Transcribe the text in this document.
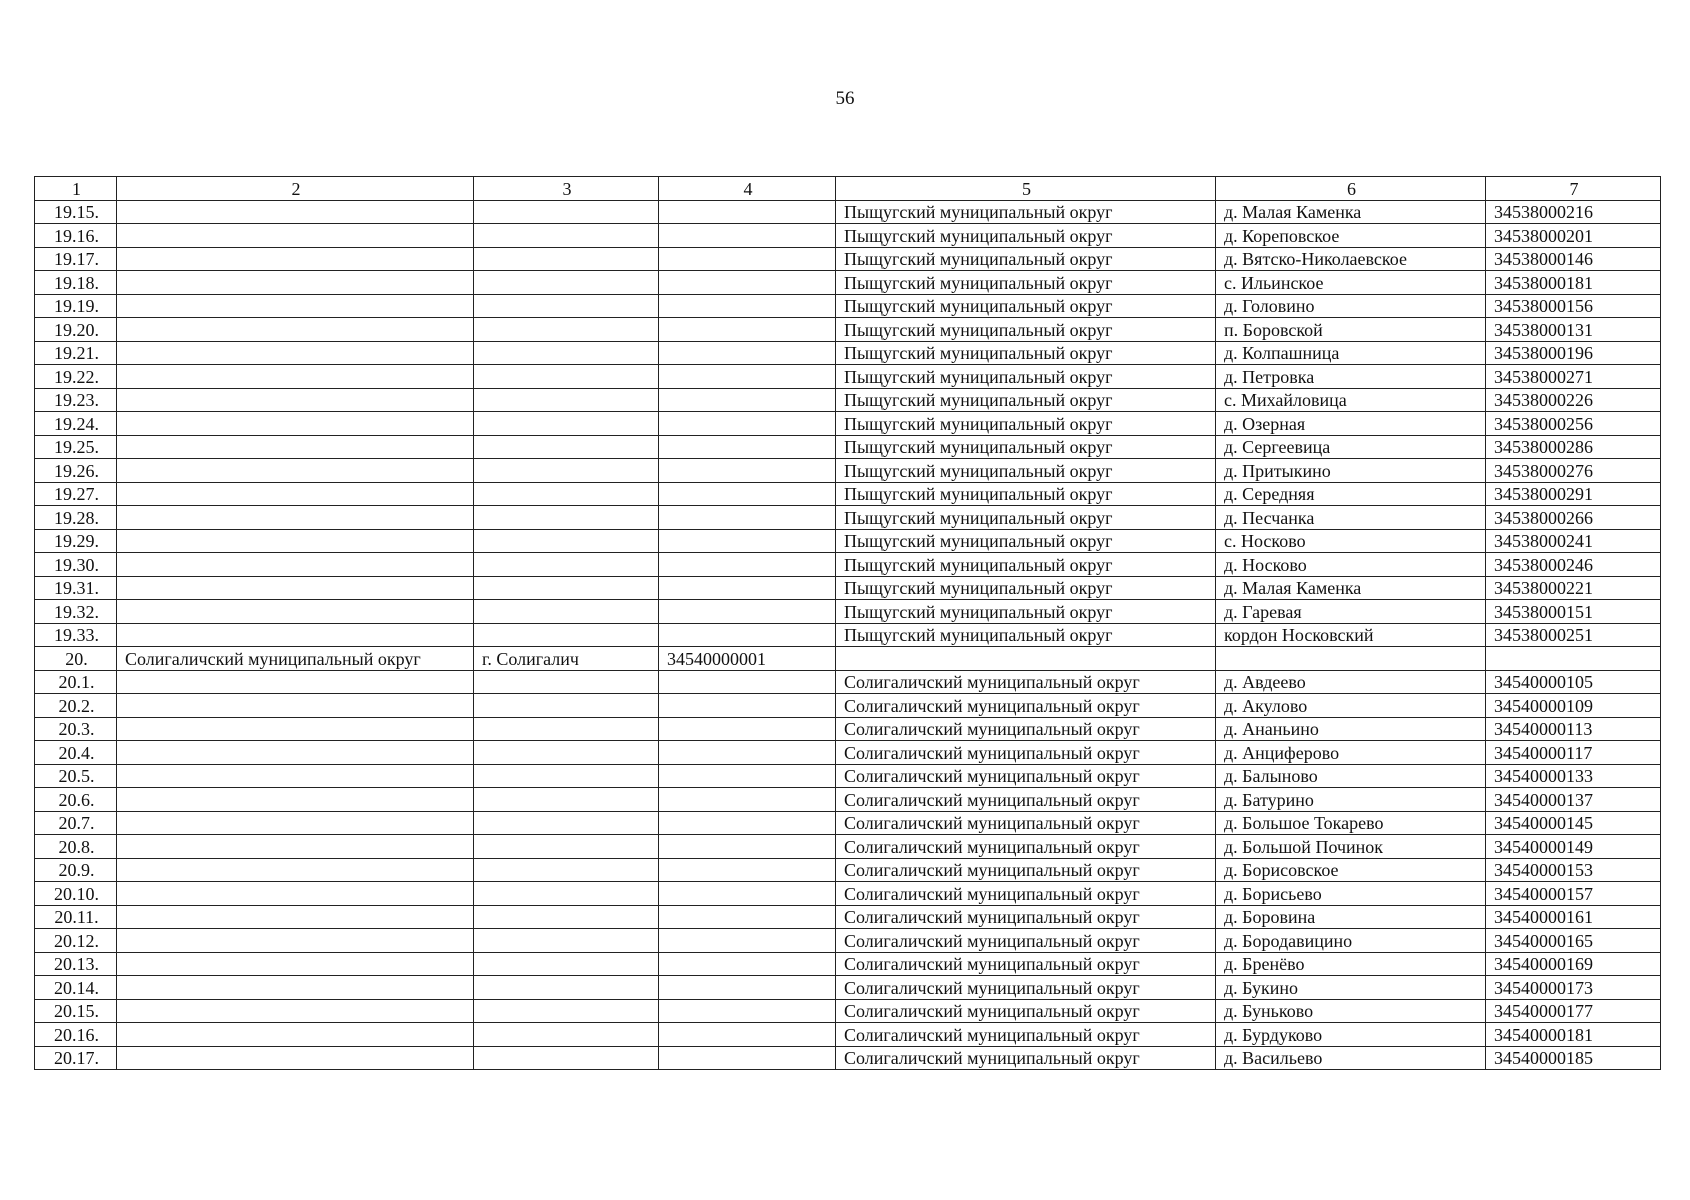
56
1	2	3	4	5	6	7
19.15.				Пыщугский муниципальный округ	д. Малая Каменка	34538000216
19.16.				Пыщугский муниципальный округ	д. Кореповское	34538000201
19.17.				Пыщугский муниципальный округ	д. Вятско-Николаевское	34538000146
19.18.				Пыщугский муниципальный округ	с. Ильинское	34538000181
19.19.				Пыщугский муниципальный округ	д. Головино	34538000156
19.20.				Пыщугский муниципальный округ	п. Боровской	34538000131
19.21.				Пыщугский муниципальный округ	д. Колпашница	34538000196
19.22.				Пыщугский муниципальный округ	д. Петровка	34538000271
19.23.				Пыщугский муниципальный округ	с. Михайловица	34538000226
19.24.				Пыщугский муниципальный округ	д. Озерная	34538000256
19.25.				Пыщугский муниципальный округ	д. Сергеевица	34538000286
19.26.				Пыщугский муниципальный округ	д. Притыкино	34538000276
19.27.				Пыщугский муниципальный округ	д. Середняя	34538000291
19.28.				Пыщугский муниципальный округ	д. Песчанка	34538000266
19.29.				Пыщугский муниципальный округ	с. Носково	34538000241
19.30.				Пыщугский муниципальный округ	д. Носково	34538000246
19.31.				Пыщугский муниципальный округ	д. Малая Каменка	34538000221
19.32.				Пыщугский муниципальный округ	д. Гаревая	34538000151
19.33.				Пыщугский муниципальный округ	кордон Носковский	34538000251
20.	Солигаличский муниципальный округ	г. Солигалич	34540000001			
20.1.				Солигаличский муниципальный округ	д. Авдеево	34540000105
20.2.				Солигаличский муниципальный округ	д. Акулово	34540000109
20.3.				Солигаличский муниципальный округ	д. Ананьино	34540000113
20.4.				Солигаличский муниципальный округ	д. Анциферово	34540000117
20.5.				Солигаличский муниципальный округ	д. Балыново	34540000133
20.6.				Солигаличский муниципальный округ	д. Батурино	34540000137
20.7.				Солигаличский муниципальный округ	д. Большое Токарево	34540000145
20.8.				Солигаличский муниципальный округ	д. Большой Починок	34540000149
20.9.				Солигаличский муниципальный округ	д. Борисовское	34540000153
20.10.				Солигаличский муниципальный округ	д. Борисьево	34540000157
20.11.				Солигаличский муниципальный округ	д. Боровина	34540000161
20.12.				Солигаличский муниципальный округ	д. Бородавицино	34540000165
20.13.				Солигаличский муниципальный округ	д. Бренёво	34540000169
20.14.				Солигаличский муниципальный округ	д. Букино	34540000173
20.15.				Солигаличский муниципальный округ	д. Буньково	34540000177
20.16.				Солигаличский муниципальный округ	д. Бурдуково	34540000181
20.17.				Солигаличский муниципальный округ	д. Васильево	34540000185
